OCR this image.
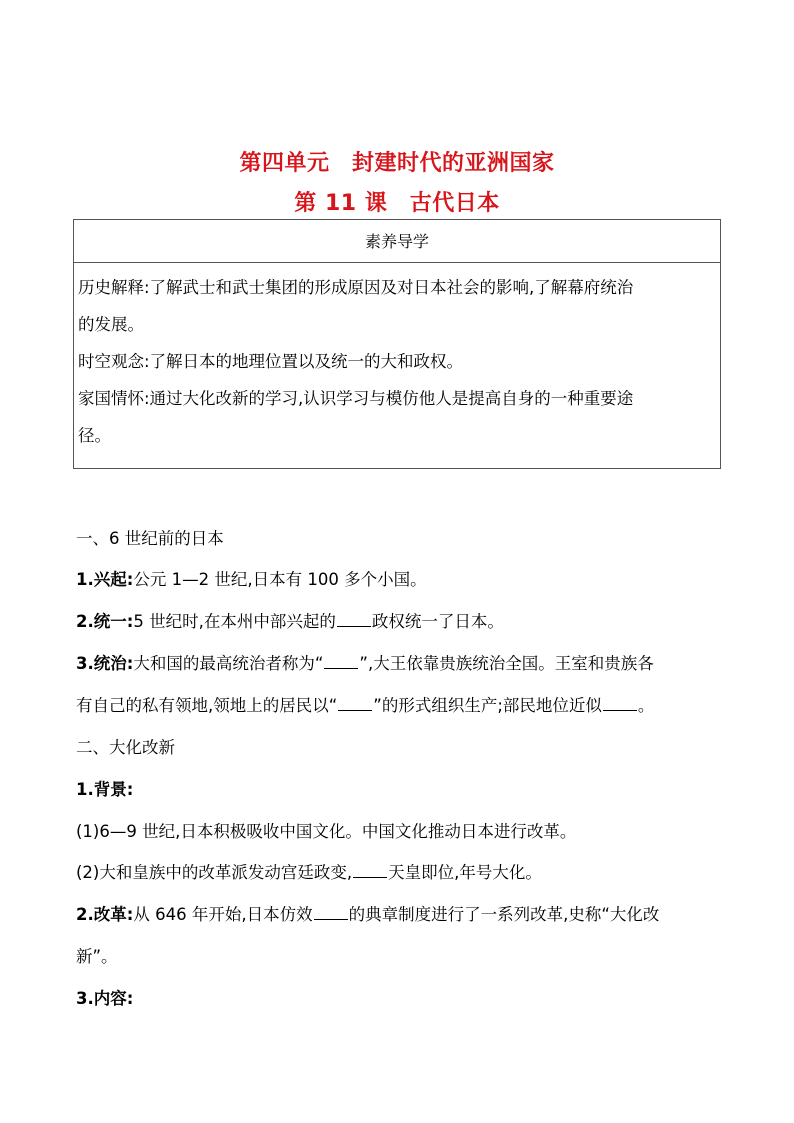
第四单元　封建时代的亚洲国家
第 11 课　古代日本
素养导学
历史解释:了解武士和武士集团的形成原因及对日本社会的影响,了解幕府统治
的发展。
时空观念:了解日本的地理位置以及统一的大和政权。
家国情怀:通过大化改新的学习,认识学习与模仿他人是提高自身的一种重要途
径。
一、6 世纪前的日本
1.兴起:公元 1—2 世纪,日本有 100 多个小国。
2.统一:5 世纪时,在本州中部兴起的 政权统一了日本。
3.统治:大和国的最高统治者称为“ ”,大王依靠贵族统治全国。王室和贵族各
有自己的私有领地,领地上的居民以“ ”的形式组织生产;部民地位近似 。
二、大化改新
1.背景:
(1)6—9 世纪,日本积极吸收中国文化。中国文化推动日本进行改革。
(2)大和皇族中的改革派发动宫廷政变, 天皇即位,年号大化。
2.改革:从 646 年开始,日本仿效 的典章制度进行了一系列改革,史称“大化改
新”。
3.内容:
